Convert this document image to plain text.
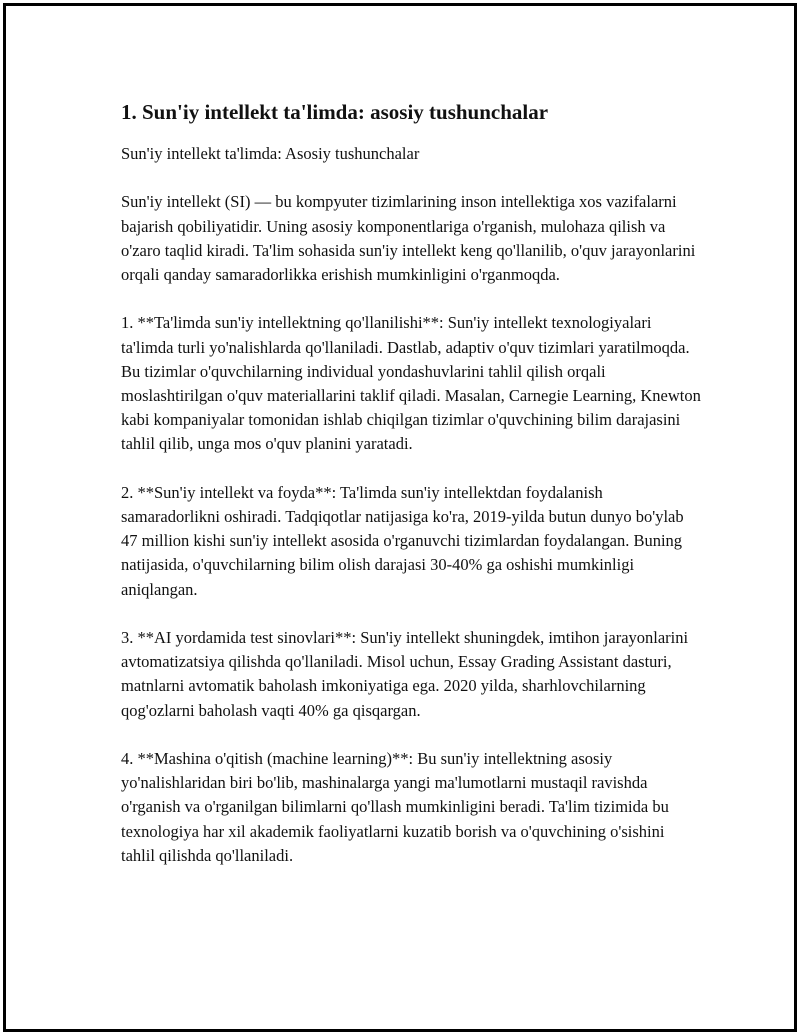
1. Sun'iy intellekt ta'limda: asosiy tushunchalar

Sun'iy intellekt ta'limda: Asosiy tushunchalar

Sun'iy intellekt (SI) — bu kompyuter tizimlarining inson intellektiga xos vazifalarni bajarish qobiliyatidir. Uning asosiy komponentlariga o'rganish, mulohaza qilish va o'zaro taqlid kiradi. Ta'lim sohasida sun'iy intellekt keng qo'llanilib, o'quv jarayonlarini orqali qanday samaradorlikka erishish mumkinligini o'rganmoqda.

1. **Ta'limda sun'iy intellektning qo'llanilishi**: Sun'iy intellekt texnologiyalari ta'limda turli yo'nalishlarda qo'llaniladi. Dastlab, adaptiv o'quv tizimlari yaratilmoqda. Bu tizimlar o'quvchilarning individual yondashuvlarini tahlil qilish orqali moslashtirilgan o'quv materiallarini taklif qiladi. Masalan, Carnegie Learning, Knewton kabi kompaniyalar tomonidan ishlab chiqilgan tizimlar o'quvchining bilim darajasini tahlil qilib, unga mos o'quv planini yaratadi.

2. **Sun'iy intellekt va foyda**: Ta'limda sun'iy intellektdan foydalanish samaradorlikni oshiradi. Tadqiqotlar natijasiga ko'ra, 2019-yilda butun dunyo bo'ylab 47 million kishi sun'iy intellekt asosida o'rganuvchi tizimlardan foydalangan. Buning natijasida, o'quvchilarning bilim olish darajasi 30-40% ga oshishi mumkinligi aniqlangan.

3. **AI yordamida test sinovlari**: Sun'iy intellekt shuningdek, imtihon jarayonlarini avtomatizatsiya qilishda qo'llaniladi. Misol uchun, Essay Grading Assistant dasturi, matnlarni avtomatik baholash imkoniyatiga ega. 2020 yilda, sharhlovchilarning qog'ozlarni baholash vaqti 40% ga qisqargan.

4. **Mashina o'qitish (machine learning)**: Bu sun'iy intellektning asosiy yo'nalishlaridan biri bo'lib, mashinalarga yangi ma'lumotlarni mustaqil ravishda o'rganish va o'rganilgan bilimlarni qo'llash mumkinligini beradi. Ta'lim tizimida bu texnologiya har xil akademik faoliyatlarni kuzatib borish va o'quvchining o'sishini tahlil qilishda qo'llaniladi.
